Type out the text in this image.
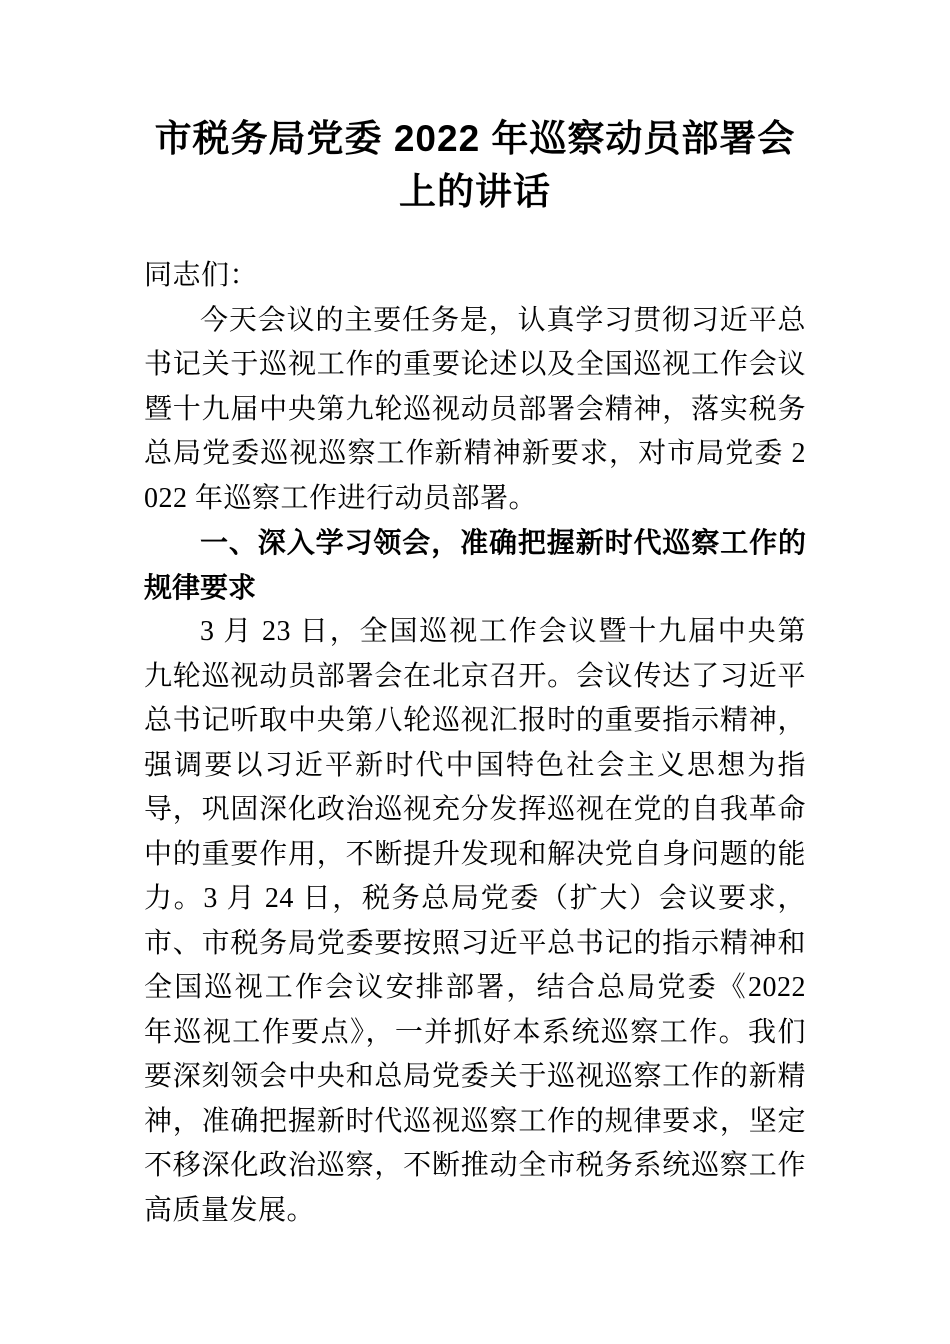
市税务局党委 2022 年巡察动员部署会上的讲话

同志们：

今天会议的主要任务是，认真学习贯彻习近平总书记关于巡视工作的重要论述以及全国巡视工作会议暨十九届中央第九轮巡视动员部署会精神，落实税务总局党委巡视巡察工作新精神新要求，对市局党委 2022 年巡察工作进行动员部署。

一、深入学习领会，准确把握新时代巡察工作的规律要求

3 月 23 日，全国巡视工作会议暨十九届中央第九轮巡视动员部署会在北京召开。会议传达了习近平总书记听取中央第八轮巡视汇报时的重要指示精神，强调要以习近平新时代中国特色社会主义思想为指导，巩固深化政治巡视充分发挥巡视在党的自我革命中的重要作用，不断提升发现和解决党自身问题的能力。3 月 24 日，税务总局党委（扩大）会议要求，市、市税务局党委要按照习近平总书记的指示精神和全国巡视工作会议安排部署，结合总局党委《2022 年巡视工作要点》，一并抓好本系统巡察工作。我们要深刻领会中央和总局党委关于巡视巡察工作的新精神，准确把握新时代巡视巡察工作的规律要求，坚定不移深化政治巡察，不断推动全市税务系统巡察工作高质量发展。
